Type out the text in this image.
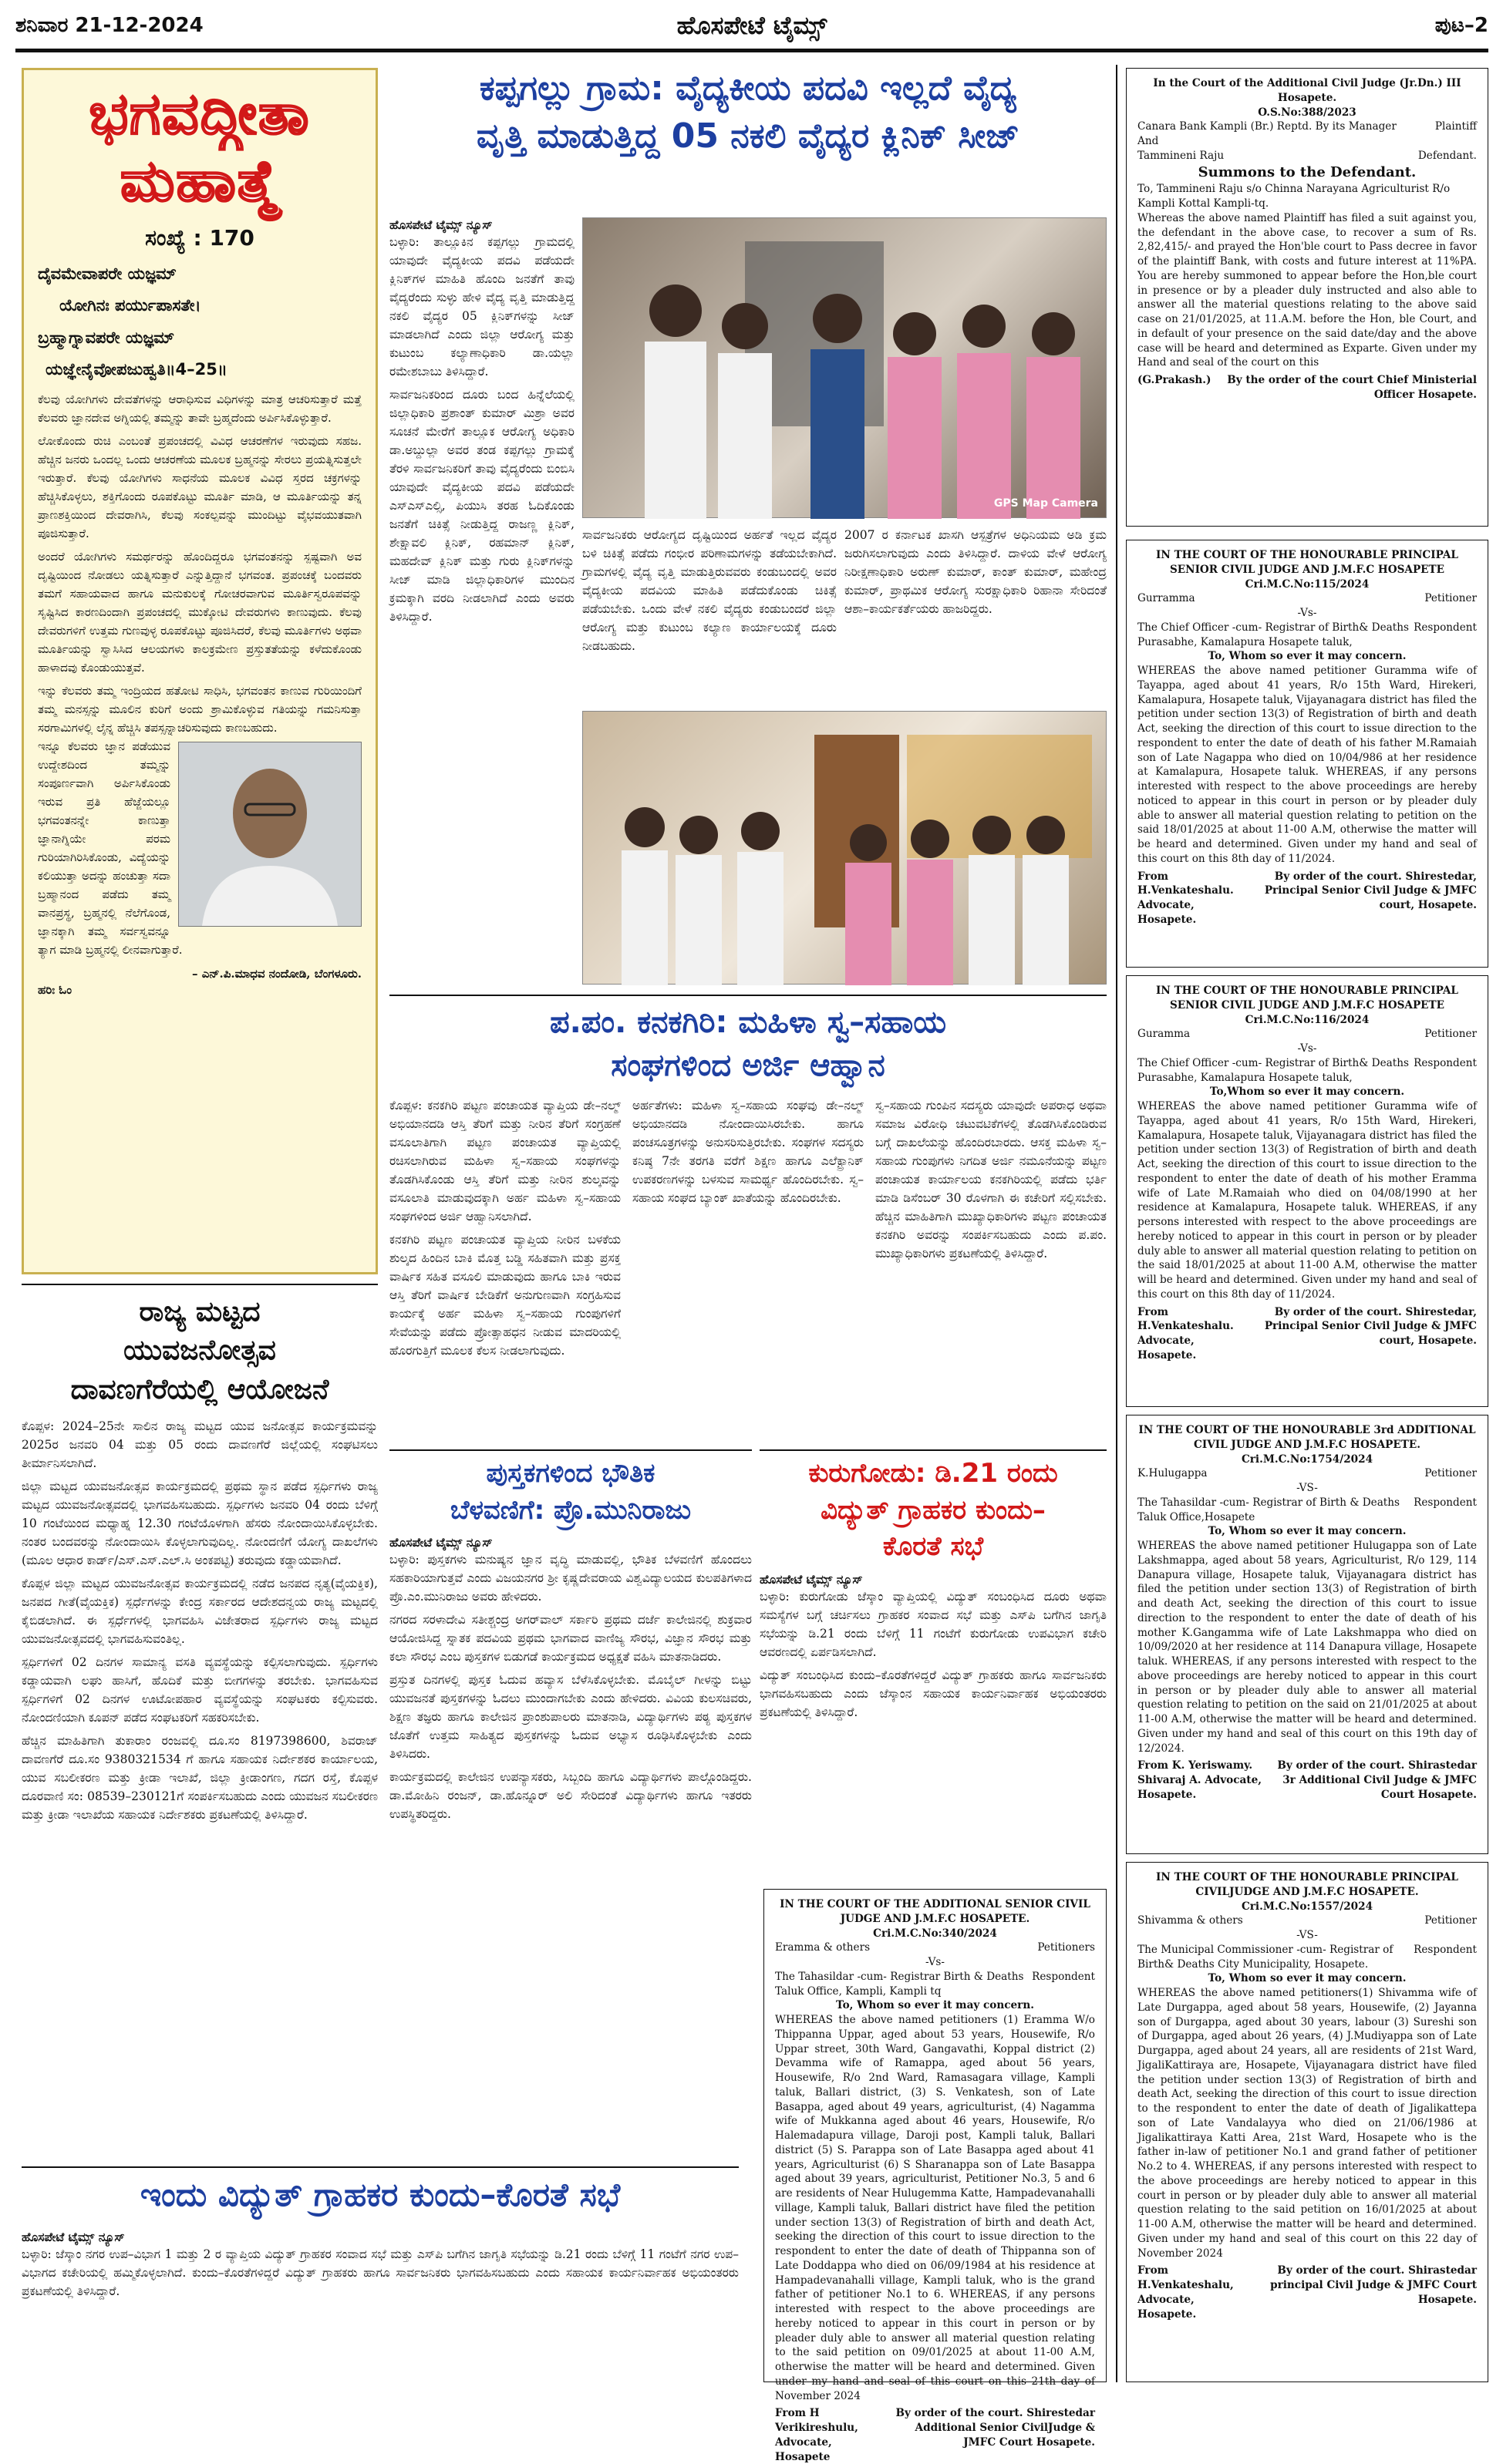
ಶನಿವಾರ 21-12-2024	ಹೊಸಪೇಟೆ ಟೈಮ್ಸ್	ಪುಟ–2
ಭಗವದ್ಗೀತಾ
ಮಹಾತ್ಮೆ
ಸಂಖ್ಯೆ : 170
ದೈವಮೇವಾಪರೇ ಯಜ್ಞಮ್
ಯೋಗಿನಃ ಪರ್ಯುಪಾಸತೇ।
ಬ್ರಹ್ಮಾಗ್ನಾವಪರೇ ಯಜ್ಞಮ್
ಯಜ್ಞೇನೈವೋಪಜುಹ್ವತಿ॥4–25॥
ಕೆಲವು ಯೋಗಿಗಳು ದೇವತೆಗಳನ್ನು ಆರಾಧಿಸುವ ವಿಧಿಗಳನ್ನು ಮಾತ್ರ ಆಚರಿಸುತ್ತಾರೆ ಮತ್ತೆ ಕೆಲವರು ಜ್ಞಾನದೇವ ಅಗ್ನಿಯಲ್ಲಿ ತಮ್ಮನ್ನು ತಾವೇ ಬ್ರಹ್ಮದೆಂದು ಅರ್ಪಿಸಿಕೊಳ್ಳುತ್ತಾರೆ.
ಲೋಕೊಂದು ರುಚಿ ಎಂಬಂತೆ ಪ್ರಪಂಚದಲ್ಲಿ ವಿವಿಧ ಆಚರಣೆಗಳ ಇರುವುದು ಸಹಜ. ಹೆಚ್ಚಿನ ಜನರು ಒಂದಲ್ಲ ಒಂದು ಆಚರಣೆಯ ಮೂಲಕ ಬ್ರಹ್ಮನನ್ನು ಸೇರಲು ಪ್ರಯತ್ನಿಸುತ್ತಲೇ ಇರುತ್ತಾರೆ. ಕೆಲವು ಯೋಗಿಗಳು ಸಾಧನೆಯ ಮೂಲಕ ವಿವಿಧ ಸ್ತರದ ಚಕ್ರಗಳನ್ನು ಹೆಚ್ಚಿಸಿಕೊಳ್ಳಲು, ಶಕ್ತಿಗೊಂದು ರೂಪಕೊಟ್ಟು ಮೂರ್ತಿ ಮಾಡಿ, ಆ ಮೂರ್ತಿಯನ್ನು ತನ್ನ ಪ್ರಾಣಶಕ್ತಿಯಿಂದ ದೇವರಾಗಿಸಿ, ಕೆಲವು ಸಂಕಲ್ಪವನ್ನು ಮುಂದಿಟ್ಟು ವೈಭವಯುತವಾಗಿ ಪೂಜಿಸುತ್ತಾರೆ.
ಅಂದರೆ ಯೋಗಿಗಳು ಸಮರ್ಥರನ್ನು ಹೊಂದಿದ್ದರೂ ಭಗವಂತನನ್ನು ಸ್ಪಷ್ಟವಾಗಿ ಅವ ದೃಷ್ಟಿಯಿಂದ ನೋಡಲು ಯತ್ನಿಸುತ್ತಾರೆ ಎನ್ನುತ್ತಿದ್ದಾನೆ ಭಗವಂತ. ಪ್ರಪಂಚಕ್ಕೆ ಬಂದವರು ತಮಗೆ ಸಹಾಯವಾದ ಹಾಗೂ ಮನುಕುಲಕ್ಕೆ ಗೋಚರವಾಗುವ ಮೂರ್ತಿಸ್ವರೂಪವನ್ನು ಸೃಷ್ಟಿಸಿದ ಕಾರಣದಿಂದಾಗಿ ಪ್ರಪಂಚದಲ್ಲಿ ಮುಕ್ಕೋಟಿ ದೇವರುಗಳು ಕಾಣುವುದು. ಕೆಲವು ದೇವರುಗಳಿಗೆ ಉತ್ತಮ ಗುಣವುಳ್ಳ ರೂಪಕೊಟ್ಟು ಪೂಜಿಸಿದರೆ, ಕೆಲವು ಮೂರ್ತಿಗಳು ಅಥವಾ ಮೂರ್ತಿಯನ್ನು ಸ್ವಾಸಿಸಿದ ಆಲಯಗಳು ಕಾಲಕ್ರಮೇಣ ಪ್ರಸ್ತುತತೆಯನ್ನು ಕಳೆದುಕೊಂಡು ಹಾಳಾದವು ಕೊಂಡುಯುತ್ತವೆ.
ಇನ್ನು ಕೆಲವರು ತಮ್ಮ ಇಂದ್ರಿಯದ ಹತೋಟಿ ಸಾಧಿಸಿ, ಭಗವಂತನ ಕಾಣುವ ಗುರಿಯಿಂದಿಗೆ ತಮ್ಮ ಮನಸ್ಸನ್ನು ಮೂಲಿನ ಕುರಿಗೆ ಅಂದು ಶ್ರಾಮಿಕೊಳ್ಳುವ ಗತಿಯನ್ನು ಗಮನಿಸುತ್ತಾ ಸರಗಾಮಿಗಳಲ್ಲಿ ಲೈನ್ನ ಹೆಚ್ಚಿಸಿ ತಪಸ್ಸನ್ನಾಚರಿಸುವುದು ಕಾಣಬಹುದು.
ಇನ್ನೂ ಕೆಲವರು ಜ್ಞಾನ ಪಡೆಯುವ ಉದ್ದೇಶದಿಂದ ತಮ್ಮನ್ನು ಸಂಪೂರ್ಣವಾಗಿ ಅರ್ಪಿಸಿಕೊಂಡು ಇರುವ ಪ್ರತಿ ಹೆಜ್ಜೆಯಲ್ಲೂ ಭಗವಂತನನ್ನೇ ಕಾಣುತ್ತಾ ಜ್ಞಾನಾಗ್ನಿಯೇ ಪರಮ ಗುರಿಯಾಗಿರಿಸಿಕೊಂಡು, ವಿದ್ಯೆಯನ್ನು ಕಲಿಯುತ್ತಾ ಅದನ್ನು ಹಂಚುತ್ತಾ ಸದಾ ಬ್ರಹ್ಮಾನಂದ ಪಡೆದು ತಮ್ಮ ವಾನಪ್ರಸ್ಥ, ಬ್ರಹ್ಮನಲ್ಲಿ ನೆಲೆಗೊಂಡ, ಜ್ಞಾನಕ್ಕಾಗಿ ತಮ್ಮ ಸರ್ವಸ್ವವನ್ನೂ ತ್ಯಾಗ ಮಾಡಿ ಬ್ರಹ್ಮನಲ್ಲಿ ಲೀನವಾಗುತ್ತಾರೆ.
– ಎನ್.ಪಿ.ಮಾಧವ ನಂದೋಡಿ, ಬೆಂಗಳೂರು.
ಹರಿಃ ಓಂ
ರಾಜ್ಯ ಮಟ್ಟದ
ಯುವಜನೋತ್ಸವ
ದಾವಣಗೆರೆಯಲ್ಲಿ ಆಯೋಜನೆ
ಕೊಪ್ಪಳ: 2024–25ನೇ ಸಾಲಿನ ರಾಜ್ಯ ಮಟ್ಟದ ಯುವ ಜನೋತ್ಸವ ಕಾರ್ಯಕ್ರಮವನ್ನು 2025ರ ಜನವರಿ 04 ಮತ್ತು 05 ರಂದು ದಾವಣಗೆರೆ ಜಿಲ್ಲೆಯಲ್ಲಿ ಸಂಘಟಿಸಲು ತೀರ್ಮಾನಿಸಲಾಗಿದೆ.
ಜಿಲ್ಲಾ ಮಟ್ಟದ ಯುವಜನೋತ್ಸವ ಕಾರ್ಯಕ್ರಮದಲ್ಲಿ ಪ್ರಥಮ ಸ್ಥಾನ ಪಡೆದ ಸ್ಪರ್ಧಿಗಳು ರಾಜ್ಯ ಮಟ್ಟದ ಯುವಜನೋತ್ಸವದಲ್ಲಿ ಭಾಗವಹಿಸಬಹುದು. ಸ್ಪರ್ಧಿಗಳು ಜನವರಿ 04 ರಂದು ಬೆಳಿಗ್ಗೆ 10 ಗಂಟೆಯಿಂದ ಮಧ್ಯಾಹ್ನ 12.30 ಗಂಟೆಯೊಳಗಾಗಿ ಹೆಸರು ನೋಂದಾಯಿಸಿಕೊಳ್ಳಬೇಕು. ನಂತರ ಬಂದವರನ್ನು ನೋಂದಾಯಿಸಿ ಕೊಳ್ಳಲಾಗುವುದಿಲ್ಲ. ನೋಂದಣಿಗೆ ಯೋಗ್ಯ ದಾಖಲೆಗಳು (ಮೂಲ ಆಧಾರ ಕಾರ್ಡ್/ಎಸ್.ಎಸ್.ಎಲ್.ಸಿ ಅಂಕಪಟ್ಟಿ) ತರುವುದು ಕಡ್ಡಾಯವಾಗಿದೆ.
ಕೊಪ್ಪಳ ಜಿಲ್ಲಾ ಮಟ್ಟದ ಯುವಜನೋತ್ಸವ ಕಾರ್ಯಕ್ರಮದಲ್ಲಿ ನಡೆದ ಜನಪದ ನೃತ್ಯ(ವೈಯಕ್ತಿಕ), ಜನಪದ ಗೀತೆ(ವೈಯಕ್ತಿಕ) ಸ್ಪರ್ಧೆಗಳನ್ನು ಕೇಂದ್ರ ಸರ್ಕಾರದ ಆದೇಶದನ್ವಯ ರಾಜ್ಯ ಮಟ್ಟದಲ್ಲಿ ಕೈಬಿಡಲಾಗಿದೆ. ಈ ಸ್ಪರ್ಧೆಗಳಲ್ಲಿ ಭಾಗವಹಿಸಿ ವಿಜೇತರಾದ ಸ್ಪರ್ಧಿಗಳು ರಾಜ್ಯ ಮಟ್ಟದ ಯುವಜನೋತ್ಸವದಲ್ಲಿ ಭಾಗವಹಿಸುವಂತಿಲ್ಲ.
ಸ್ಪರ್ಧಿಗಳಿಗೆ 02 ದಿನಗಳ ಸಾಮಾನ್ಯ ವಸತಿ ವ್ಯವಸ್ಥೆಯನ್ನು ಕಲ್ಪಿಸಲಾಗುವುದು. ಸ್ಪರ್ಧಿಗಳು ಕಡ್ಡಾಯವಾಗಿ ಲಘು ಹಾಸಿಗೆ, ಹೊದಿಕೆ ಮತ್ತು ಬೀಗಗಳನ್ನು ತರಬೇಕು. ಭಾಗವಹಿಸುವ ಸ್ಪರ್ಧಿಗಳಿಗೆ 02 ದಿನಗಳ ಊಟೋಪಹಾರ ವ್ಯವಸ್ಥೆಯನ್ನು ಸಂಘಟಕರು ಕಲ್ಪಿಸುವರು. ನೋಂದಣಿಯಾಗಿ ಕೂಪನ್ ಪಡೆದ ಸಂಘಟಕರಿಗೆ ಸಹಕರಿಸಬೇಕು.
ಹೆಚ್ಚಿನ ಮಾಹಿತಿಗಾಗಿ ತುಕಾರಾಂ ರಂಜವಲ್ಲಿ ದೂ.ಸಂ 8197398600, ಶಿವರಾಜ್ ದಾವಣಗೆರೆ ದೂ.ಸಂ 9380321534 ಗೆ ಹಾಗೂ ಸಹಾಯಕ ನಿರ್ದೇಶಕರ ಕಾರ್ಯಾಲಯ, ಯುವ ಸಬಲೀಕರಣ ಮತ್ತು ಕ್ರೀಡಾ ಇಲಾಖೆ, ಜಿಲ್ಲಾ ಕ್ರೀಡಾಂಗಣ, ಗದಗ ರಸ್ತೆ, ಕೊಪ್ಪಳ ದೂರವಾಣಿ ಸಂ: 08539–230121ಗೆ ಸಂಪರ್ಕಿಸಬಹುದು ಎಂದು ಯುವಜನ ಸಬಲೀಕರಣ ಮತ್ತು ಕ್ರೀಡಾ ಇಲಾಖೆಯ ಸಹಾಯಕ ನಿರ್ದೇಶಕರು ಪ್ರಕಟಣೆಯಲ್ಲಿ ತಿಳಿಸಿದ್ದಾರೆ.
ಕಪ್ಪಗಲ್ಲು ಗ್ರಾಮ: ವೈದ್ಯಕೀಯ ಪದವಿ ಇಲ್ಲದೆ ವೈದ್ಯ
ವೃತ್ತಿ ಮಾಡುತ್ತಿದ್ದ 05 ನಕಲಿ ವೈದ್ಯರ ಕ್ಲಿನಿಕ್ ಸೀಜ್
ಹೊಸಪೇಟೆ ಟೈಮ್ಸ್ ನ್ಯೂಸ್
ಬಳ್ಳಾರಿ: ತಾಲ್ಲೂಕಿನ ಕಪ್ಪಗಲ್ಲು ಗ್ರಾಮದಲ್ಲಿ ಯಾವುದೇ ವೈದ್ಯಕೀಯ ಪದವಿ ಪಡೆಯದೇ ಕ್ಲಿನಿಕ್‌ಗಳ ಮಾಹಿತಿ ಹೊಂದಿ ಜನತೆಗೆ ತಾವು ವೈದ್ಯರೆಂದು ಸುಳ್ಳು ಹೇಳಿ ವೈದ್ಯ ವೃತ್ತಿ ಮಾಡುತ್ತಿದ್ದ ನಕಲಿ ವೈದ್ಯರ 05 ಕ್ಲಿನಿಕ್‌ಗಳನ್ನು ಸೀಜ್ ಮಾಡಲಾಗಿದೆ ಎಂದು ಜಿಲ್ಲಾ ಆರೋಗ್ಯ ಮತ್ತು ಕುಟುಂಬ ಕಲ್ಯಾಣಾಧಿಕಾರಿ ಡಾ.ಯಲ್ಲಾ ರಮೇಶಬಾಬು ತಿಳಿಸಿದ್ದಾರೆ.
ಸಾರ್ವಜನಿಕರಿಂದ ದೂರು ಬಂದ ಹಿನ್ನೆಲೆಯಲ್ಲಿ ಜಿಲ್ಲಾಧಿಕಾರಿ ಪ್ರಶಾಂತ್ ಕುಮಾರ್ ಮಿಶ್ರಾ ಅವರ ಸೂಚನೆ ಮೇರೆಗೆ ತಾಲ್ಲೂಕ ಆರೋಗ್ಯ ಅಧಿಕಾರಿ ಡಾ.ಅಬ್ದುಲ್ಲಾ ಅವರ ತಂಡ ಕಪ್ಪಗಲ್ಲು ಗ್ರಾಮಕ್ಕೆ ತೆರಳಿ ಸಾರ್ವಜನಿಕರಿಗೆ ತಾವು ವೈದ್ಯರೆಂದು ಬಿಂಬಿಸಿ ಯಾವುದೇ ವೈದ್ಯಕೀಯ ಪದವಿ ಪಡೆಯದೇ ಎಸ್ಎಸ್ಎಲ್ಸಿ, ಪಿಯುಸಿ ತರಹ ಓದಿಕೊಂಡು ಜನತೆಗೆ ಚಿಕಿತ್ಸೆ ನೀಡುತ್ತಿದ್ದ ರಾಜಣ್ಣ ಕ್ಲಿನಿಕ್, ಶೇಕ್ಷಾವಲಿ ಕ್ಲಿನಿಕ್, ರಹಮಾನ್ ಕ್ಲಿನಿಕ್, ಮಹದೇವ್ ಕ್ಲಿನಿಕ್ ಮತ್ತು ಗುರು ಕ್ಲಿನಿಕ್‌ಗಳನ್ನು ಸೀಜ್ ಮಾಡಿ ಜಿಲ್ಲಾಧಿಕಾರಿಗಳ ಮುಂದಿನ ಕ್ರಮಕ್ಕಾಗಿ ವರದಿ ನೀಡಲಾಗಿದೆ ಎಂದು ಅವರು ತಿಳಿಸಿದ್ದಾರೆ.
GPS Map Camera
ಸಾರ್ವಜನಿಕರು ಆರೋಗ್ಯದ ದೃಷ್ಟಿಯಿಂದ ಅರ್ಹತೆ ಇಲ್ಲದ ವೈದ್ಯರ ಬಳಿ ಚಿಕಿತ್ಸೆ ಪಡೆದು ಗಂಭೀರ ಪರಿಣಾಮಗಳನ್ನು ತಡೆಯಬೇಕಾಗಿದೆ. ಗ್ರಾಮಗಳಲ್ಲಿ ವೈದ್ಯ ವೃತ್ತಿ ಮಾಡುತ್ತಿರುವವರು ಕಂಡುಬಂದಲ್ಲಿ ಅವರ ವೈದ್ಯಕೀಯ ಪದವಿಯ ಮಾಹಿತಿ ಪಡೆದುಕೊಂಡು ಚಿಕಿತ್ಸೆ ಪಡೆಯಬೇಕು. ಒಂದು ವೇಳೆ ನಕಲಿ ವೈದ್ಯರು ಕಂಡುಬಂದರೆ ಜಿಲ್ಲಾ ಆರೋಗ್ಯ ಮತ್ತು ಕುಟುಂಬ ಕಲ್ಯಾಣ ಕಾರ್ಯಾಲಯಕ್ಕೆ ದೂರು ನೀಡಬಹುದು.
2007 ರ ಕರ್ನಾಟಕ ಖಾಸಗಿ ಆಸ್ಪತ್ರೆಗಳ ಅಧಿನಿಯಮ ಅಡಿ ಕ್ರಮ ಜರುಗಿಸಲಾಗುವುದು ಎಂದು ತಿಳಿಸಿದ್ದಾರೆ. ದಾಳಿಯ ವೇಳೆ ಆರೋಗ್ಯ ನಿರೀಕ್ಷಣಾಧಿಕಾರಿ ಅರುಣ್ ಕುಮಾರ್, ಕಾಂತ್ ಕುಮಾರ್, ಮಹೇಂದ್ರ ಕುಮಾರ್, ಪ್ರಾಥಮಿಕ ಆರೋಗ್ಯ ಸುರಕ್ಷಾಧಿಕಾರಿ ರಿಹಾನಾ ಸೇರಿದಂತೆ ಆಶಾ–ಕಾರ್ಯಕರ್ತೆಯರು ಹಾಜರಿದ್ದರು.
ಪ.ಪಂ. ಕನಕಗಿರಿ: ಮಹಿಳಾ ಸ್ವ–ಸಹಾಯ
ಸಂಘಗಳಿಂದ ಅರ್ಜಿ ಆಹ್ವಾನ
ಕೊಪ್ಪಳ: ಕನಕಗಿರಿ ಪಟ್ಟಣ ಪಂಚಾಯತ ವ್ಯಾಪ್ತಿಯ ಡೇ–ನಲ್ಮ್ ಅಭಿಯಾನದಡಿ ಆಸ್ತಿ ತೆರಿಗೆ ಮತ್ತು ನೀರಿನ ತೆರಿಗೆ ಸಂಗ್ರಹಣೆ ವಸೂಲಾತಿಗಾಗಿ ಪಟ್ಟಣ ಪಂಚಾಯತ ವ್ಯಾಪ್ತಿಯಲ್ಲಿ ರಚಿಸಲಾಗಿರುವ ಮಹಿಳಾ ಸ್ವ–ಸಹಾಯ ಸಂಘಗಳನ್ನು ತೊಡಗಿಸಿಕೊಂಡು ಆಸ್ತಿ ತೆರಿಗೆ ಮತ್ತು ನೀರಿನ ಶುಲ್ಕವನ್ನು ವಸೂಲಾತಿ ಮಾಡುವುದಕ್ಕಾಗಿ ಅರ್ಹ ಮಹಿಳಾ ಸ್ವ–ಸಹಾಯ ಸಂಘಗಳಿಂದ ಅರ್ಜಿ ಆಹ್ವಾನಿಸಲಾಗಿದೆ.
ಕನಕಗಿರಿ ಪಟ್ಟಣ ಪಂಚಾಯತ ವ್ಯಾಪ್ತಿಯ ನೀರಿನ ಬಳಕೆಯ ಶುಲ್ಕದ ಹಿಂದಿನ ಬಾಕಿ ಮೊತ್ತ ಬಡ್ಡಿ ಸಹಿತವಾಗಿ ಮತ್ತು ಪ್ರಸಕ್ತ ವಾರ್ಷಿಕ ಸಹಿತ ವಸೂಲಿ ಮಾಡುವುದು ಹಾಗೂ ಬಾಕಿ ಇರುವ ಆಸ್ತಿ ತೆರಿಗೆ ವಾರ್ಷಿಕ ಬೇಡಿಕೆಗೆ ಅನುಗುಣವಾಗಿ ಸಂಗ್ರಹಿಸುವ ಕಾರ್ಯಕ್ಕೆ ಅರ್ಹ ಮಹಿಳಾ ಸ್ವ–ಸಹಾಯ ಗುಂಪುಗಳಿಗೆ ಸೇವೆಯನ್ನು ಪಡೆದು ಪ್ರೋತ್ಸಾಹಧನ ನೀಡುವ ಮಾದರಿಯಲ್ಲಿ ಹೊರಗುತ್ತಿಗೆ ಮೂಲಕ ಕೆಲಸ ನೀಡಲಾಗುವುದು.
ಅರ್ಹತೆಗಳು: ಮಹಿಳಾ ಸ್ವ–ಸಹಾಯ ಸಂಘವು ಡೇ–ನಲ್ಮ್ ಅಭಿಯಾನದಡಿ ನೋಂದಾಯಿಸಿರಬೇಕು. ಹಾಗೂ ಪಂಚಸೂತ್ರಗಳನ್ನು ಅನುಸರಿಸುತ್ತಿರಬೇಕು. ಸಂಘಗಳ ಸದಸ್ಯರು ಕನಿಷ್ಠ 7ನೇ ತರಗತಿ ವರೆಗೆ ಶಿಕ್ಷಣ ಹಾಗೂ ಎಲೆಕ್ಟ್ರಾನಿಕ್ ಉಪಕರಣಗಳನ್ನು ಬಳಸುವ ಸಾಮರ್ಥ್ಯ ಹೊಂದಿರಬೇಕು. ಸ್ವ–ಸಹಾಯ ಸಂಘದ ಬ್ಯಾಂಕ್ ಖಾತೆಯನ್ನು ಹೊಂದಿರಬೇಕು.
ಸ್ವ–ಸಹಾಯ ಗುಂಪಿನ ಸದಸ್ಯರು ಯಾವುದೇ ಅಪರಾಧ ಅಥವಾ ಸಮಾಜ ವಿರೋಧಿ ಚಟುವಟಿಕೆಗಳಲ್ಲಿ ತೊಡಗಿಸಿಕೊಂಡಿರುವ ಬಗ್ಗೆ ದಾಖಲೆಯನ್ನು ಹೊಂದಿರಬಾರದು. ಆಸಕ್ತ ಮಹಿಳಾ ಸ್ವ–ಸಹಾಯ ಗುಂಪುಗಳು ನಿಗದಿತ ಅರ್ಜಿ ನಮೂನೆಯನ್ನು ಪಟ್ಟಣ ಪಂಚಾಯತ ಕಾರ್ಯಾಲಯ ಕನಕಗಿರಿಯಲ್ಲಿ ಪಡೆದು ಭರ್ತಿ ಮಾಡಿ ಡಿಸೆಂಬರ್ 30 ರೊಳಗಾಗಿ ಈ ಕಚೇರಿಗೆ ಸಲ್ಲಿಸಬೇಕು. ಹೆಚ್ಚಿನ ಮಾಹಿತಿಗಾಗಿ ಮುಖ್ಯಾಧಿಕಾರಿಗಳು ಪಟ್ಟಣ ಪಂಚಾಯತ ಕನಕಗಿರಿ ಅವರನ್ನು ಸಂಪರ್ಕಿಸಬಹುದು ಎಂದು ಪ.ಪಂ. ಮುಖ್ಯಾಧಿಕಾರಿಗಳು ಪ್ರಕಟಣೆಯಲ್ಲಿ ತಿಳಿಸಿದ್ದಾರೆ.
ಪುಸ್ತಕಗಳಿಂದ ಭೌತಿಕ
ಬೆಳವಣಿಗೆ: ಪ್ರೊ.ಮುನಿರಾಜು
ಹೊಸಪೇಟೆ ಟೈಮ್ಸ್ ನ್ಯೂಸ್
ಬಳ್ಳಾರಿ: ಪುಸ್ತಕಗಳು ಮನುಷ್ಯನ ಜ್ಞಾನ ವೃದ್ಧಿ ಮಾಡುವಲ್ಲಿ, ಭೌತಿಕ ಬೆಳವಣಿಗೆ ಹೊಂದಲು ಸಹಕಾರಿಯಾಗುತ್ತವೆ ಎಂದು ವಿಜಯನಗರ ಶ್ರೀ ಕೃಷ್ಣದೇವರಾಯ ವಿಶ್ವವಿದ್ಯಾಲಯದ ಕುಲಪತಿಗಳಾದ ಪ್ರೊ.ಎಂ.ಮುನಿರಾಜು ಅವರು ಹೇಳಿದರು.
ನಗರದ ಸರಳಾದೇವಿ ಸತೀಶ್ಚಂದ್ರ ಅಗರ್‌ವಾಲ್ ಸರ್ಕಾರಿ ಪ್ರಥಮ ದರ್ಜೆ ಕಾಲೇಜಿನಲ್ಲಿ ಶುಕ್ರವಾರ ಆಯೋಜಿಸಿದ್ದ ಸ್ನಾತಕ ಪದವಿಯ ಪ್ರಥಮ ಭಾಗವಾದ ವಾಣಿಜ್ಯ ಸೌರಭ, ವಿಜ್ಞಾನ ಸೌರಭ ಮತ್ತು ಕಲಾ ಸೌರಭ ಎಂಬ ಪುಸ್ತಕಗಳ ಬಿಡುಗಡೆ ಕಾರ್ಯಕ್ರಮದ ಅಧ್ಯಕ್ಷತೆ ವಹಿಸಿ ಮಾತನಾಡಿದರು.
ಪ್ರಸ್ತುತ ದಿನಗಳಲ್ಲಿ ಪುಸ್ತಕ ಓದುವ ಹವ್ಯಾಸ ಬೆಳೆಸಿಕೊಳ್ಳಬೇಕು. ಮೊಬೈಲ್ ಗೀಳನ್ನು ಬಿಟ್ಟು ಯುವಜನತೆ ಪುಸ್ತಕಗಳನ್ನು ಓದಲು ಮುಂದಾಗಬೇಕು ಎಂದು ಹೇಳಿದರು. ವಿವಿಯ ಕುಲಸಚಿವರು, ಶಿಕ್ಷಣ ತಜ್ಞರು ಹಾಗೂ ಕಾಲೇಜಿನ ಪ್ರಾಂಶುಪಾಲರು ಮಾತನಾಡಿ, ವಿದ್ಯಾರ್ಥಿಗಳು ಪಠ್ಯ ಪುಸ್ತಕಗಳ ಜೊತೆಗೆ ಉತ್ತಮ ಸಾಹಿತ್ಯದ ಪುಸ್ತಕಗಳನ್ನು ಓದುವ ಅಭ್ಯಾಸ ರೂಢಿಸಿಕೊಳ್ಳಬೇಕು ಎಂದು ತಿಳಿಸಿದರು.
ಕಾರ್ಯಕ್ರಮದಲ್ಲಿ ಕಾಲೇಜಿನ ಉಪನ್ಯಾಸಕರು, ಸಿಬ್ಬಂದಿ ಹಾಗೂ ವಿದ್ಯಾರ್ಥಿಗಳು ಪಾಲ್ಗೊಂಡಿದ್ದರು. ಡಾ.ಮೋಹಿನಿ ರಂಜನ್, ಡಾ.ಹೊನ್ನೂರ್ ಅಲಿ ಸೇರಿದಂತೆ ವಿದ್ಯಾರ್ಥಿಗಳು ಹಾಗೂ ಇತರರು ಉಪಸ್ಥಿತರಿದ್ದರು.
ಕುರುಗೋಡು: ಡಿ.21 ರಂದು
ವಿದ್ಯುತ್ ಗ್ರಾಹಕರ ಕುಂದು–
ಕೊರತೆ ಸಭೆ
ಹೊಸಪೇಟೆ ಟೈಮ್ಸ್ ನ್ಯೂಸ್
ಬಳ್ಳಾರಿ: ಕುರುಗೋಡು ಜೆಸ್ಕಾಂ ವ್ಯಾಪ್ತಿಯಲ್ಲಿ ವಿದ್ಯುತ್ ಸಂಬಂಧಿಸಿದ ದೂರು ಅಥವಾ ಸಮಸ್ಯೆಗಳ ಬಗ್ಗೆ ಚರ್ಚಿಸಲು ಗ್ರಾಹಕರ ಸಂವಾದ ಸಭೆ ಮತ್ತು ಎಸ್‌ಪಿ ಬಗೆಗಿನ ಜಾಗೃತಿ ಸಭೆಯನ್ನು ಡಿ.21 ರಂದು ಬೆಳಿಗ್ಗೆ 11 ಗಂಟೆಗೆ ಕುರುಗೋಡು ಉಪವಿಭಾಗ ಕಚೇರಿ ಆವರಣದಲ್ಲಿ ಏರ್ಪಡಿಸಲಾಗಿದೆ.
ವಿದ್ಯುತ್ ಸಂಬಂಧಿಸಿದ ಕುಂದು–ಕೊರತೆಗಳಿದ್ದರೆ ವಿದ್ಯುತ್ ಗ್ರಾಹಕರು ಹಾಗೂ ಸಾರ್ವಜನಿಕರು ಭಾಗವಹಿಸಬಹುದು ಎಂದು ಜೆಸ್ಕಾಂನ ಸಹಾಯಕ ಕಾರ್ಯನಿರ್ವಾಹಕ ಅಭಿಯಂತರರು ಪ್ರಕಟಣೆಯಲ್ಲಿ ತಿಳಿಸಿದ್ದಾರೆ.
IN THE COURT OF THE ADDITIONAL SENIOR CIVIL JUDGE AND J.M.F.C HOSAPETE.
Cri.M.C.No:340/2024
Eramma & others	Petitioners
-Vs-
The Tahasildar -cum- Registrar Birth & Deaths Taluk Office, Kampli, Kampli tq
Respondent
To, Whom so ever it may concern.

WHEREAS the above named petitioners (1) Eramma W/o Thippanna Uppar, aged about 53 years, Housewife, R/o Uppar street, 30th Ward, Gangavathi, Koppal district (2) Devamma wife of Ramappa, aged about 56 years, Housewife, R/o 2nd Ward, Ramasagara village, Kampli taluk, Ballari district, (3) S. Venkatesh, son of Late Basappa, aged about 49 years, agriculturist, (4) Nagamma wife of Mukkanna aged about 46 years, Housewife, R/o Halemadapura village, Daroji post, Kampli taluk, Ballari district (5) S. Parappa son of Late Basappa aged about 41 years, Agriculturist (6) S Sharanappa son of Late Basappa aged about 39 years, agriculturist, Petitioner No.3, 5 and 6 are residents of Near Hulugemma Katte, Hampadevanahalli village, Kampli taluk, Ballari district have filed the petition under section 13(3) of Registration of birth and death Act, seeking the direction of this court to issue direction to the respondent to enter the date of death of Thippanna son of Late Doddappa who died on 06/09/1984 at his residence at Hampadevanahalli village, Kampli taluk, who is the grand father of petitioner No.1 to 6. WHEREAS, if any persons interested with respect to the above proceedings are hereby noticed to appear in this court in person or by pleader duly able to answer all material question relating to the said petition on 09/01/2025 at about 11-00 A.M, otherwise the matter will be heard and determined. Given under my hand and seal of this court on this 21th day of November 2024

From H Verikireshulu, Advocate, Hosapete
By order of the court. Shirestedar Additional Senior CivilJudge & JMFC Court Hosapete.
ಇಂದು ವಿದ್ಯುತ್ ಗ್ರಾಹಕರ ಕುಂದು–ಕೊರತೆ ಸಭೆ
ಹೊಸಪೇಟೆ ಟೈಮ್ಸ್ ನ್ಯೂಸ್
ಬಳ್ಳಾರಿ: ಜೆಸ್ಕಾಂ ನಗರ ಉಪ–ವಿಭಾಗ 1 ಮತ್ತು 2 ರ ವ್ಯಾಪ್ತಿಯ ವಿದ್ಯುತ್ ಗ್ರಾಹಕರ ಸಂವಾದ ಸಭೆ ಮತ್ತು ಎಸ್‌ಪಿ ಬಗೆಗಿನ ಜಾಗೃತಿ ಸಭೆಯನ್ನು ಡಿ.21 ರಂದು ಬೆಳಿಗ್ಗೆ 11 ಗಂಟೆಗೆ ನಗರ ಉಪ–ವಿಭಾಗದ ಕಚೇರಿಯಲ್ಲಿ ಹಮ್ಮಿಕೊಳ್ಳಲಾಗಿದೆ. ಕುಂದು–ಕೊರತೆಗಳಿದ್ದರೆ ವಿದ್ಯುತ್ ಗ್ರಾಹಕರು ಹಾಗೂ ಸಾರ್ವಜನಿಕರು ಭಾಗವಹಿಸಬಹುದು ಎಂದು ಸಹಾಯಕ ಕಾರ್ಯನಿರ್ವಾಹಕ ಅಭಿಯಂತರರು ಪ್ರಕಟಣೆಯಲ್ಲಿ ತಿಳಿಸಿದ್ದಾರೆ.
In the Court of the Additional Civil Judge (Jr.Dn.) III Hosapete.
O.S.No:388/2023
Canara Bank Kampli (Br.) Reptd. By its Manager	Plaintiff
And
Tammineni Raju	Defendant.
Summons to the Defendant.
To, Tammineni Raju s/o Chinna Narayana Agriculturist R/o Kampli Kottal Kampli-tq.

Whereas the above named Plaintiff has filed a suit against you, the defendant in the above case, to recover a sum of Rs. 2,82,415/- and prayed the Hon'ble court to Pass decree in favor of the plaintiff Bank, with costs and future interest at 11%PA. You are hereby summoned to appear before the Hon,ble court in presence or by a pleader duly instructed and also able to answer all the material questions relating to the above said case on 21/01/2025, at 11.A.M. before the Hon, ble Court, and in default of your presence on the said date/day and the above case will be heard and determined as Exparte. Given under my Hand and seal of the court on this

(G.Prakash.)	By the order of the court Chief Ministerial Officer Hosapete.
IN THE COURT OF THE HONOURABLE PRINCIPAL SENIOR CIVIL JUDGE AND J.M.F.C HOSAPETE
Cri.M.C.No:115/2024
Gurramma	Petitioner
-Vs-
The Chief Officer -cum- Registrar of Birth& Deaths Purasabhe, Kamalapura Hosapete taluk,
Respondent
To, Whom so ever it may concern.

WHEREAS the above named petitioner Guramma wife of Tayappa, aged about 41 years, R/o 15th Ward, Hirekeri, Kamalapura, Hosapete taluk, Vijayanagara district has filed the petition under section 13(3) of Registration of birth and death Act, seeking the direction of this court to issue direction to the respondent to enter the date of death of his father M.Ramaiah son of Late Nagappa who died on 10/04/986 at her residence at Kamalapura, Hosapete taluk. WHEREAS, if any persons interested with respect to the above proceedings are hereby noticed to appear in this court in person or by pleader duly able to answer all material question relating to petition on the said 18/01/2025 at about 11-00 A.M, otherwise the matter will be heard and determined. Given under my hand and seal of this court on this 8th day of 11/2024.

From H.Venkateshalu. Advocate, Hosapete.
By order of the court. Shirestedar, Principal Senior Civil Judge & JMFC court, Hosapete.
IN THE COURT OF THE HONOURABLE PRINCIPAL SENIOR CIVIL JUDGE AND J.M.F.C HOSAPETE
Cri.M.C.No:116/2024
Guramma	Petitioner
-Vs-
The Chief Officer -cum- Registrar of Birth& Deaths Purasabhe, Kamalapura Hosapete taluk,
Respondent
To,Whom so ever it may concern.

WHEREAS the above named petitioner Guramma wife of Tayappa, aged about 41 years, R/o 15th Ward, Hirekeri, Kamalapura, Hosapete taluk, Vijayanagara district has filed the petition under section 13(3) of Registration of birth and death Act, seeking the direction of this court to issue direction to the respondent to enter the date of death of his mother Eramma wife of Late M.Ramaiah who died on 04/08/1990 at her residence at Kamalapura, Hosapete taluk. WHEREAS, if any persons interested with respect to the above proceedings are hereby noticed to appear in this court in person or by pleader duly able to answer all material question relating to petition on the said 18/01/2025 at about 11-00 A.M, otherwise the matter will be heard and determined. Given under my hand and seal of this court on this 8th day of 11/2024.

From H.Venkateshalu. Advocate, Hosapete.
By order of the court. Shirestedar, Principal Senior Civil Judge & JMFC court, Hosapete.
IN THE COURT OF THE HONOURABLE 3rd ADDITIONAL CIVIL JUDGE AND J.M.F.C HOSAPETE.
Cri.M.C.No:1754/2024
K.Hulugappa	Petitioner
-VS-
The Tahasildar -cum- Registrar of Birth & Deaths Taluk Office,Hosapete
Respondent
To, Whom so ever it may concern.

WHEREAS the above named petitioner Hulugappa son of Late Lakshmappa, aged about 58 years, Agriculturist, R/o 129, 114 Danapura village, Hosapete taluk, Vijayanagara district has filed the petition under section 13(3) of Registration of birth and death Act, seeking the direction of this court to issue direction to the respondent to enter the date of death of his mother K.Gangamma wife of Late Lakshmappa who died on 10/09/2020 at her residence at 114 Danapura village, Hosapete taluk. WHEREAS, if any persons interested with respect to the above proceedings are hereby noticed to appear in this court in person or by pleader duly able to answer all material question relating to petition on the said on 21/01/2025 at about 11-00 A.M, otherwise the matter will be heard and determined. Given under my hand and seal of this court on this 19th day of 12/2024.

From K. Yeriswamy. Shivaraj A. Advocate, Hosapete.
By order of the court. Shirastedar 3r Additional Civil Judge & JMFC Court Hosapete.
IN THE COURT OF THE HONOURABLE PRINCIPAL CIVILJUDGE AND J.M.F.C HOSAPETE.
Cri.M.C.No:1557/2024
Shivamma & others	Petitioner
-VS-
The Municipal Commissioner -cum- Registrar of Birth& Deaths City Municipality, Hosapete.
Respondent
To, Whom so ever it may concern.

WHEREAS the above named petitioners(1) Shivamma wife of Late Durgappa, aged about 58 years, Housewife, (2) Jayanna son of Durgappa, aged about 30 years, labour (3) Sureshi son of Durgappa, aged about 26 years, (4) J.Mudiyappa son of Late Durgappa, aged about 24 years, all are residents of 21st Ward, JigaliKattiraya are, Hosapete, Vijayanagara district have filed the petition under section 13(3) of Registration of birth and death Act, seeking the direction of this court to issue direction to the respondent to enter the date of death of Jigalikattepa son of Late Vandalayya who died on 21/06/1986 at Jigalikattiraya Katti Area, 21st Ward, Hosapete who is the father in-law of petitioner No.1 and grand father of petitioner No.2 to 4. WHEREAS, if any persons interested with respect to the above proceedings are hereby noticed to appear in this court in person or by pleader duly able to answer all material question relating to the said petition on 16/01/2025 at about 11-00 A.M, otherwise the matter will be heard and determined. Given under my hand and seal of this court on this 22 day of November 2024

From H.Venkateshalu, Advocate, Hosapete.
By order of the court. Shirastedar principal Civil Judge & JMFC Court Hosapete.
